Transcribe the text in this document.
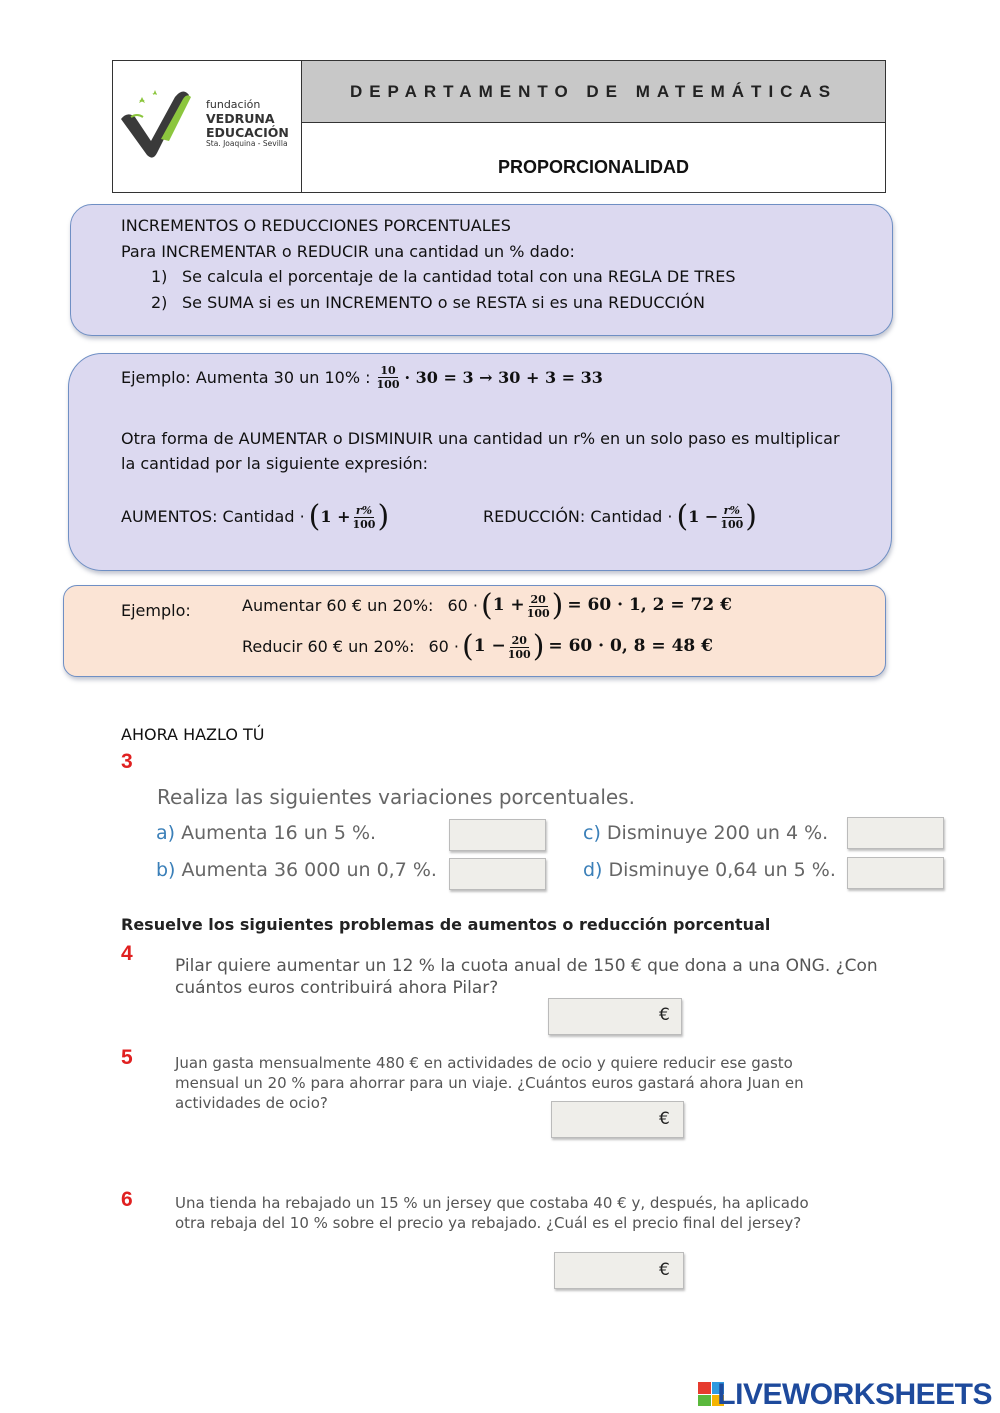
fundación
VEDRUNA
EDUCACIÓN
Sta. Joaquina - Sevilla
DEPARTAMENTO DE MATEMÁTICAS
PROPORCIONALIDAD
INCREMENTOS O REDUCCIONES PORCENTUALES
Para INCREMENTAR o REDUCIR una cantidad un % dado:
1) Se calcula el porcentaje de la cantidad total con una REGLA DE TRES
2) Se SUMA si es un INCREMENTO o se RESTA si es una REDUCCIÓN
Ejemplo: Aumenta 30 un 10% : $\frac{10}{100} \cdot 30 = 3 \to 30 + 3 = 33$
Otra forma de AUMENTAR o DISMINUIR una cantidad un r% en un solo paso es multiplicar
la cantidad por la siguiente expresión:
AUMENTOS: Cantidad · ( $1 + \frac{r\%}{100}$ )	REDUCCIÓN: Cantidad · ( $1 - \frac{r\%}{100}$ )
Ejemplo:	Aumentar 60 € un 20%: 60 · ( $1 + \frac{20}{100}$ ) = 60 · 1, 2 = 72 €
Reducir 60 € un 20%: 60 · ( $1 - \frac{20}{100}$ ) = 60 · 0, 8 = 48 €
AHORA HAZLO TÚ
3
Realiza las siguientes variaciones porcentuales.
a) Aumenta 16 un 5 %.
b) Aumenta 36 000 un 0,7 %.
c) Disminuye 200 un 4 %.
d) Disminuye 0,64 un 5 %.
Resuelve los siguientes problemas de aumentos o reducción porcentual
4
Pilar quiere aumentar un 12 % la cuota anual de 150 € que dona a una ONG. ¿Con
cuántos euros contribuirá ahora Pilar?
€
5	Juan gasta mensualmente 480 € en actividades de ocio y quiere reducir ese gasto
mensual un 20 % para ahorrar para un viaje. ¿Cuántos euros gastará ahora Juan en
actividades de ocio?
€
6	Una tienda ha rebajado un 15 % un jersey que costaba 40 € y, después, ha aplicado
otra rebaja del 10 % sobre el precio ya rebajado. ¿Cuál es el precio final del jersey?
€
LIVEWORKSHEETS
